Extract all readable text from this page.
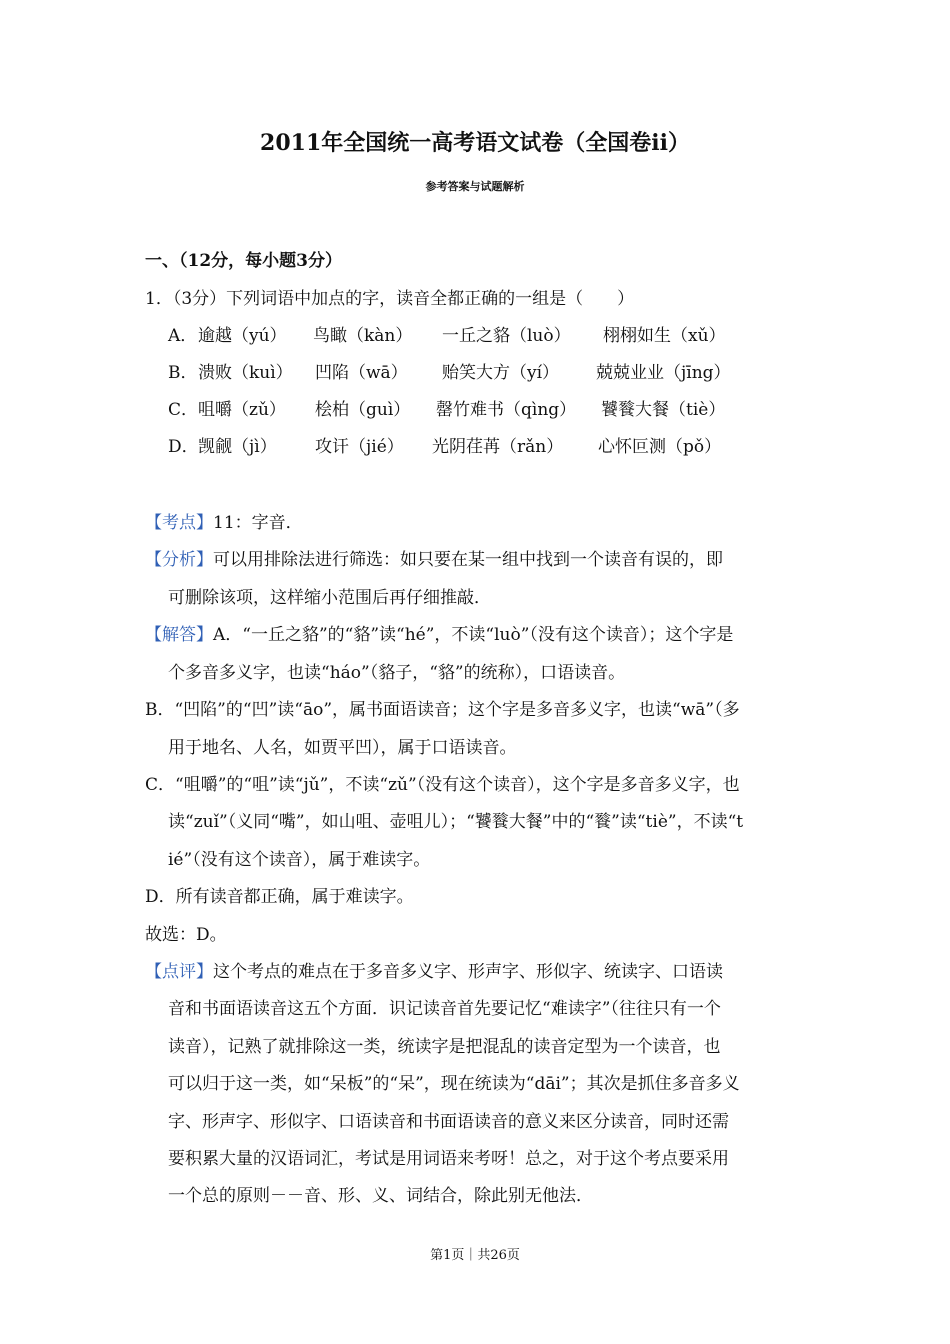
2011年全国统一高考语文试卷（全国卷ii）
参考答案与试题解析
一、（12分，每小题3分）
1．（3分）下列词语中加点的字，读音全都正确的一组是（　　）
A． 逾越（yú） 鸟瞰（kàn） 一丘之貉（luò） 栩栩如生（xǔ）
B． 溃败（kuì） 凹陷（wā） 贻笑大方（yí） 兢兢业业（jīng）
C． 咀嚼（zǔ） 桧柏（guì） 罄竹难书（qìng） 饕餮大餐（tiè）
D． 觊觎（jì） 攻讦（jié） 光阴荏苒（rǎn） 心怀叵测（pǒ）
【考点】11：字音．
【分析】可以用排除法进行筛选：如只要在某一组中找到一个读音有误的，即
可删除该项，这样缩小范围后再仔细推敲．
【解答】A．“一丘之貉”的“貉”读“hé”，不读“luò”（没有这个读音）；这个字是
个多音多义字，也读“háo”（貉子，“貉”的统称），口语读音。
B．“凹陷”的“凹”读“āo”，属书面语读音；这个字是多音多义字，也读“wā”（多
用于地名、人名，如贾平凹），属于口语读音。
C．“咀嚼”的“咀”读“jǔ”，不读“zǔ”（没有这个读音），这个字是多音多义字，也
读“zuǐ”（义同“嘴”，如山咀、壶咀儿）；“饕餮大餐”中的“餮”读“tiè”，不读“t
ié”（没有这个读音），属于难读字。
D．所有读音都正确，属于难读字。
故选：D。
【点评】这个考点的难点在于多音多义字、形声字、形似字、统读字、口语读
音和书面语读音这五个方面．识记读音首先要记忆“难读字”（往往只有一个
读音），记熟了就排除这一类，统读字是把混乱的读音定型为一个读音，也
可以归于这一类，如“呆板”的“呆”，现在统读为“dāi”；其次是抓住多音多义
字、形声字、形似字、口语读音和书面语读音的意义来区分读音，同时还需
要积累大量的汉语词汇，考试是用词语来考呀！总之，对于这个考点要采用
一个总的原则－－音、形、义、词结合，除此别无他法．
第1页｜共26页
